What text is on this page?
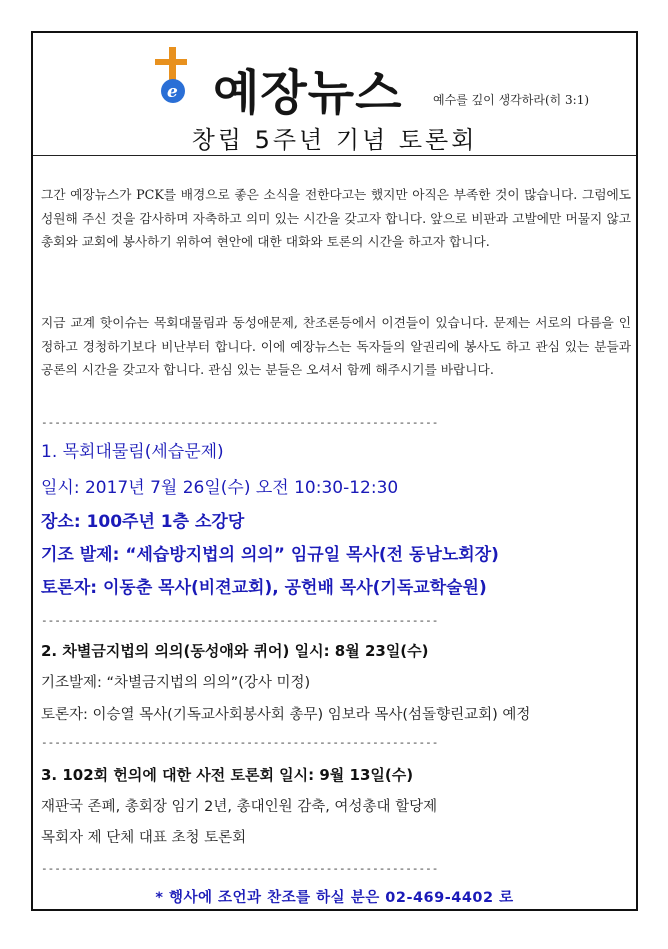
e 예장뉴스	예수를 깊이 생각하라(히 3:1)
창립 5주년 기념 토론회
그간 예장뉴스가 PCK를 배경으로 좋은 소식을 전한다고는 했지만 아직은 부족한 것이 많습니다. 그럼에도 성원해 주신 것을 감사하며 자축하고 의미 있는 시간을 갖고자 합니다. 앞으로 비판과 고발에만 머물지 않고 총회와 교회에 봉사하기 위하여 현안에 대한 대화와 토론의 시간을 하고자 합니다.
지금 교계 핫이슈는 목회대물림과 동성애문제, 찬조론등에서 이견들이 있습니다. 문제는 서로의 다름을 인정하고 경청하기보다 비난부터 합니다. 이에 예장뉴스는 독자들의 알권리에 봉사도 하고 관심 있는 분들과 공론의 시간을 갖고자 합니다. 관심 있는 분들은 오셔서 함께 해주시기를 바랍니다.
------------------------------------------------------------
1. 목회대물림(세습문제)
일시: 2017년 7월 26일(수) 오전 10:30-12:30
장소: 100주년 1층 소강당
기조 발제: “세습방지법의 의의” 임규일 목사(전 동남노회장)
토론자: 이동춘 목사(비젼교회), 공헌배 목사(기독교학술원)
------------------------------------------------------------
2. 차별금지법의 의의(동성애와 퀴어) 일시: 8월 23일(수)
기조발제: “차별금지법의 의의”(강사 미정)
토론자: 이승열 목사(기독교사회봉사회 총무) 임보라 목사(섬돌향린교회) 예정
------------------------------------------------------------
3. 102회 헌의에 대한 사전 토론회 일시: 9월 13일(수)
재판국 존폐, 총회장 임기 2년, 총대인원 감축, 여성총대 할당제
목회자 제 단체 대표 초청 토론회
------------------------------------------------------------
* 행사에 조언과 찬조를 하실 분은 02-469-4402 로
